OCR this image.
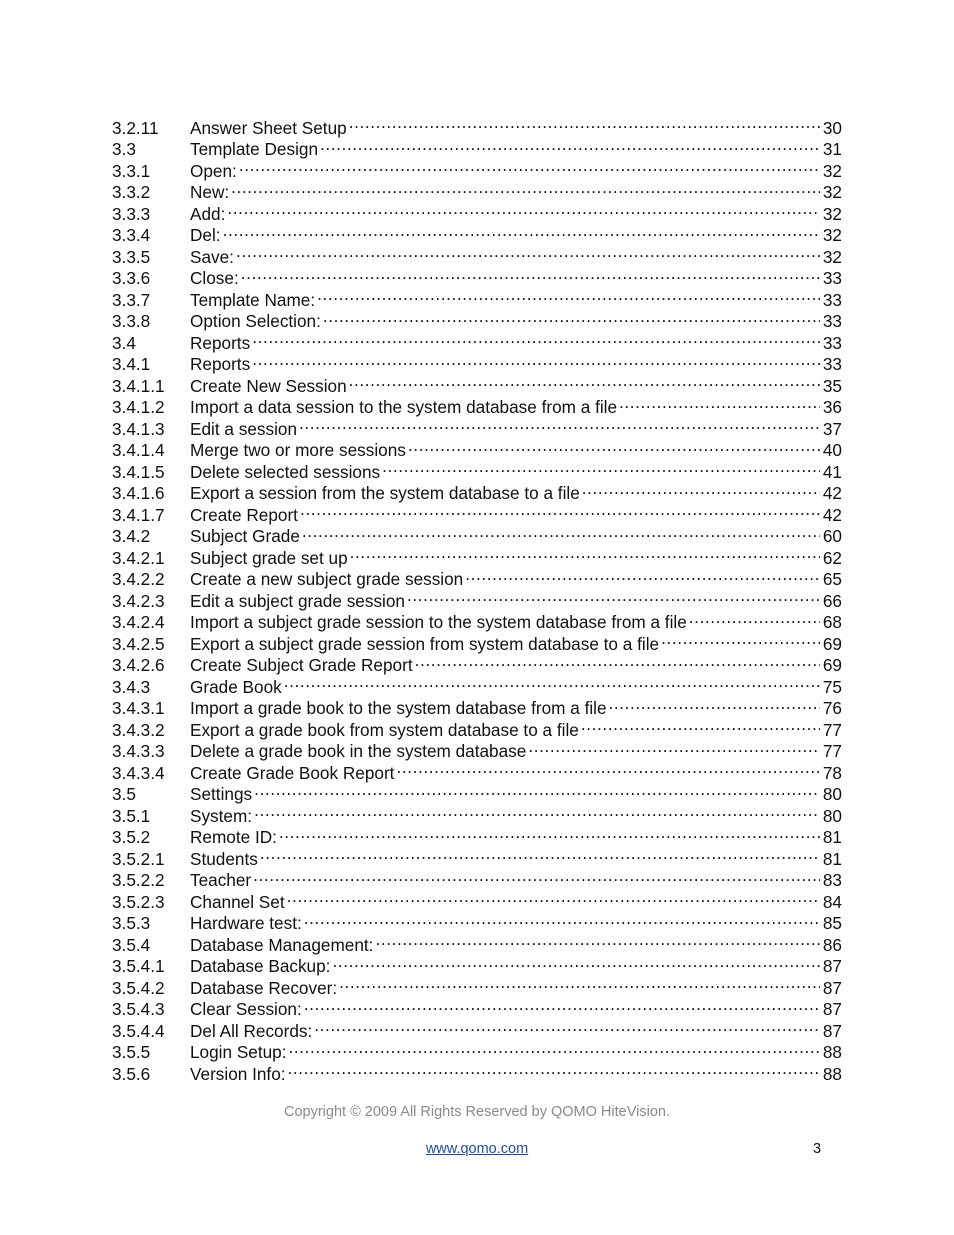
3.2.11	Answer Sheet Setup .....	30
3.3	Template Design .....	31
3.3.1	Open: .....	32
3.3.2	New: .....	32
3.3.3	Add: .....	32
3.3.4	Del: .....	32
3.3.5	Save: .....	32
3.3.6	Close: .....	33
3.3.7	Template Name: .....	33
3.3.8	Option Selection: .....	33
3.4	Reports .....	33
3.4.1	Reports .....	33
3.4.1.1	Create New Session .....	35
3.4.1.2	Import a data session to the system database from a file .....	36
3.4.1.3	Edit a session .....	37
3.4.1.4	Merge two or more sessions .....	40
3.4.1.5	Delete selected sessions .....	41
3.4.1.6	Export a session from the system database to a file .....	42
3.4.1.7	Create Report .....	42
3.4.2	Subject Grade .....	60
3.4.2.1	Subject grade set up .....	62
3.4.2.2	Create a new subject grade session .....	65
3.4.2.3	Edit a subject grade session .....	66
3.4.2.4	Import a subject grade session to the system database from a file .....	68
3.4.2.5	Export a subject grade session from system database to a file .....	69
3.4.2.6	Create Subject Grade Report .....	69
3.4.3	Grade Book .....	75
3.4.3.1	Import a grade book to the system database from a file .....	76
3.4.3.2	Export a grade book from system database to a file .....	77
3.4.3.3	Delete a grade book in the system database .....	77
3.4.3.4	Create Grade Book Report .....	78
3.5	Settings .....	80
3.5.1	System: .....	80
3.5.2	Remote ID: .....	81
3.5.2.1	Students .....	81
3.5.2.2	Teacher .....	83
3.5.2.3	Channel Set .....	84
3.5.3	Hardware test: .....	85
3.5.4	Database Management: .....	86
3.5.4.1	Database Backup: .....	87
3.5.4.2	Database Recover: .....	87
3.5.4.3	Clear Session: .....	87
3.5.4.4	Del All Records: .....	87
3.5.5	Login Setup: .....	88
3.5.6	Version Info: .....	88
Copyright © 2009 All Rights Reserved by QOMO HiteVision.
www.qomo.com	3
